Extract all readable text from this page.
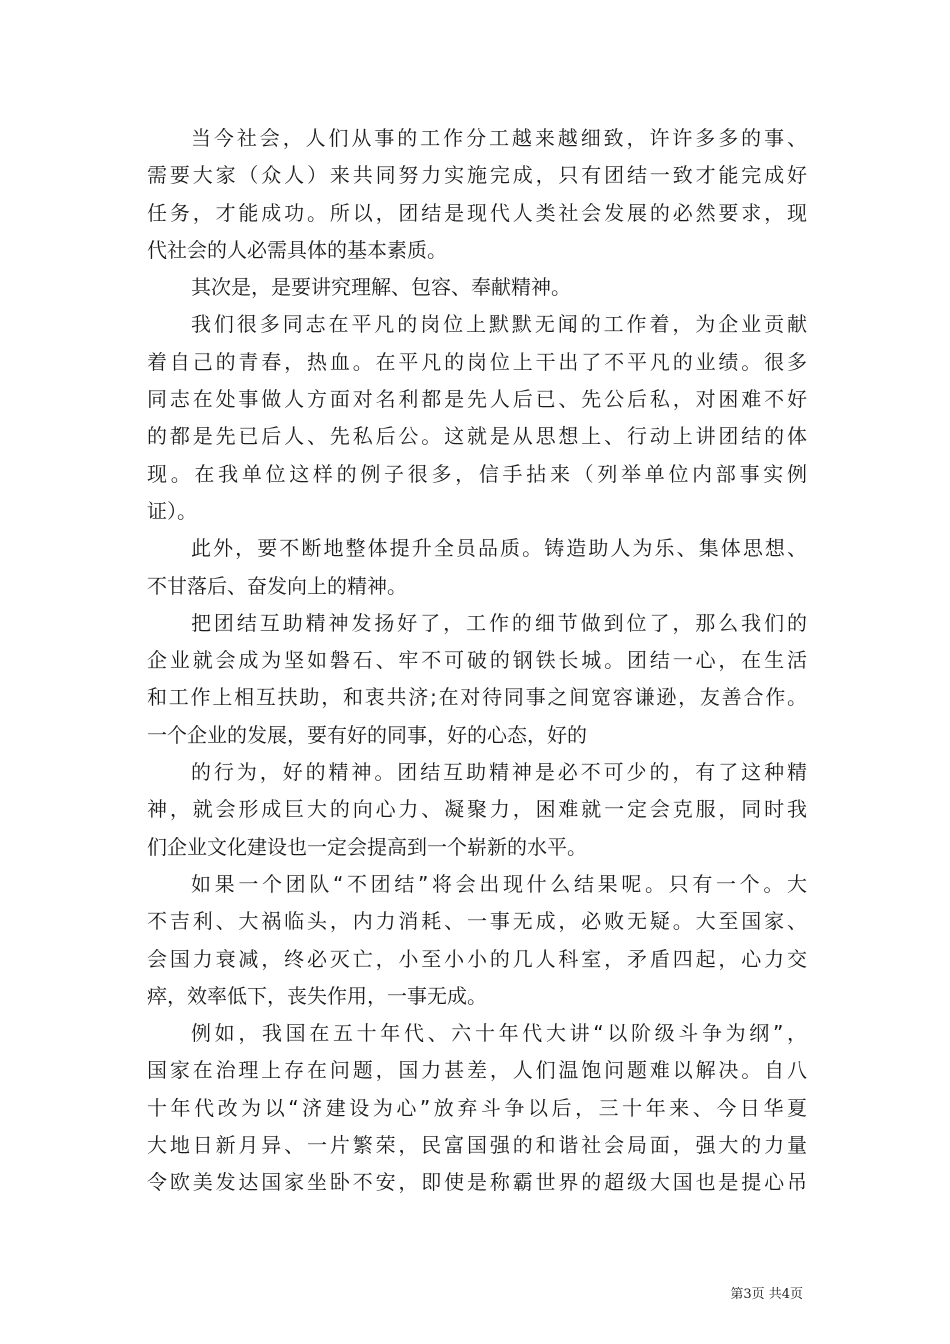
当今社会，人们从事的工作分工越来越细致，许许多多的事、
需要大家（众人）来共同努力实施完成，只有团结一致才能完成好
任务，才能成功。所以，团结是现代人类社会发展的必然要求，现
代社会的人必需具体的基本素质。
其次是，是要讲究理解、包容、奉献精神。
我们很多同志在平凡的岗位上默默无闻的工作着，为企业贡献
着自己的青春，热血。在平凡的岗位上干出了不平凡的业绩。很多
同志在处事做人方面对名利都是先人后已、先公后私，对困难不好
的都是先已后人、先私后公。这就是从思想上、行动上讲团结的体
现。在我单位这样的例子很多，信手拈来（列举单位内部事实例
证）。
此外，要不断地整体提升全员品质。铸造助人为乐、集体思想、
不甘落后、奋发向上的精神。
把团结互助精神发扬好了，工作的细节做到位了，那么我们的
企业就会成为坚如磐石、牢不可破的钢铁长城。团结一心，在生活
和工作上相互扶助，和衷共济;在对待同事之间宽容谦逊，友善合作。
一个企业的发展，要有好的同事，好的心态，好的
的行为，好的精神。团结互助精神是必不可少的，有了这种精
神，就会形成巨大的向心力、凝聚力，困难就一定会克服，同时我
们企业文化建设也一定会提高到一个崭新的水平。
如果一个团队“不团结”将会出现什么结果呢。只有一个。大
不吉利、大祸临头，内力消耗、一事无成，必败无疑。大至国家、
会国力衰减，终必灭亡，小至小小的几人科室，矛盾四起，心力交
瘁，效率低下，丧失作用，一事无成。
例如，我国在五十年代、六十年代大讲“以阶级斗争为纲”，
国家在治理上存在问题，国力甚差，人们温饱问题难以解决。自八
十年代改为以“济建设为心”放弃斗争以后，三十年来、今日华夏
大地日新月异、一片繁荣，民富国强的和谐社会局面，强大的力量
令欧美发达国家坐卧不安，即使是称霸世界的超级大国也是提心吊
第3页 共4页
